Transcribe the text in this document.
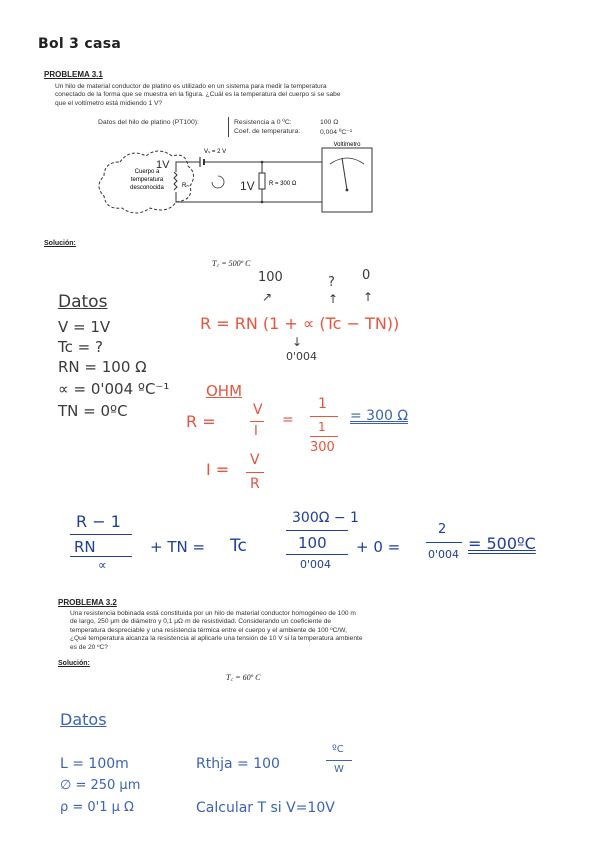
Bol 3 casa
PROBLEMA 3.1
Un hilo de material conductor de platino es utilizado en un sistema para medir la temperatura
conectado de la forma que se muestra en la figura. ¿Cuál es la temperatura del cuerpo si se sabe
que el voltímetro está midiendo 1 V?
Datos del hilo de platino (PT100):	Resistencia a 0 ºC:	100 Ω
Coef. de temperatura:	0,004 ºC⁻¹
Cuerpo a
temperatura
desconocida	Rₙ
Vₛ = 2 V
R = 300 Ω
Voltímetro
1V
1V
Solución:
T꜀ = 500º C
Datos
V = 1V
Tc = ?
RN = 100 Ω
∝ = 0'004 ºC⁻¹
TN = 0ºC
100
↗
?
↑
0
↑
R = RN (1 + ∝ (Tc − TN))
↓
0'004
OHM
R =
V
I
=
1
1
300
= 300 Ω
I = V
R
R − 1
RN
∝
+ TN = Tc
300Ω − 1
100
0'004
+ 0 =
2
0'004
= 500ºC
PROBLEMA 3.2
Una resistencia bobinada está constituida por un hilo de material conductor homogéneo de 100 m
de largo, 250 μm de diámetro y 0,1 μΩ·m de resistividad. Considerando un coeficiente de
temperatura despreciable y una resistencia térmica entre el cuerpo y el ambiente de 100 ºC/W,
¿Qué temperatura alcanza la resistencia al aplicarle una tensión de 10 V si la temperatura ambiente
es de 20 ºC?
Solución:
T꜀ = 60º C
Datos
L = 100m
∅ = 250 μm
ρ = 0'1 μ Ω
Rthja = 100
ºC
W
Calcular T si V=10V
